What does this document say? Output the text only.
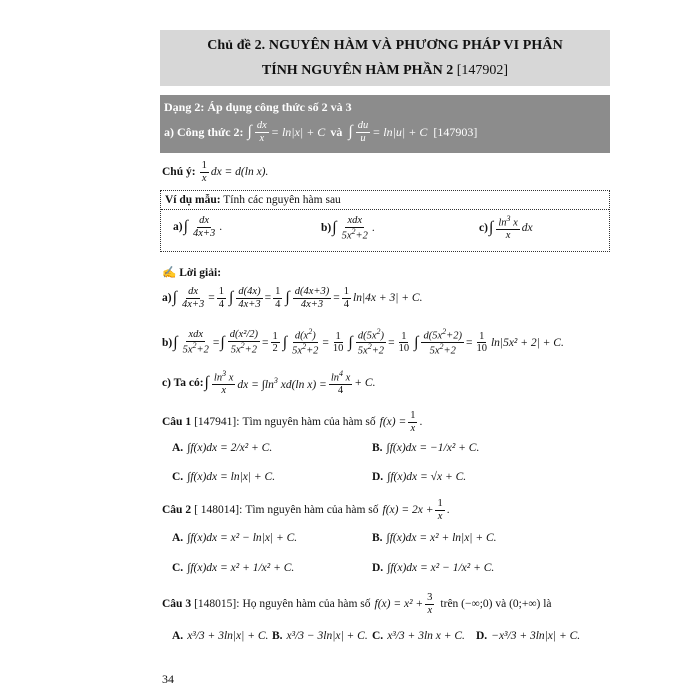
Chủ đề 2. NGUYÊN HÀM VÀ PHƯƠNG PHÁP VI PHÂN
TÍNH NGUYÊN HÀM PHẦN 2 [147902]
Dạng 2: Áp dụng công thức số 2 và 3
a) Công thức 2: ∫ $\frac{dx}{x} = \ln|x| + C$ và ∫ $\frac{du}{u} = \ln|u| + C$ [147903]
Chú ý: $\frac{1}{x}$ dx = d(ln x).
Ví dụ mẫu: Tính các nguyên hàm sau
a) ∫ $\frac{dx}{4x+3}$ .	b) ∫ $\frac{\text{xdx}}{5x^2+2}$ .	c) ∫ $\frac{\ln^3 x}{x}$ dx
✍ Lời giải:
a) ∫ $\frac{dx}{4x+3} = \frac{1}{4}$ ∫ $\frac{d(4x)}{4x+3} = \frac{1}{4}$ ∫ $\frac{d(4x+3)}{4x+3} = \frac{1}{4} \ln|4x + 3| + C$.
b) ∫ $\frac{\text{xdx}}{5x^2+2}$ = ∫ $\frac{\text{d(x²/2)}}{5x^2+2} = \frac{1}{2}$ ∫ $\frac{d(x^2)}{5x^2+2} = \frac{1}{10}$ ∫ $\frac{d(5x^2)}{5x^2+2} = \frac{1}{10}$ ∫ $\frac{d(5x^2+2)}{5x^2+2} = \frac{1}{10} \ln|5x^2 + 2| + C$.
c) Ta có: ∫ $\frac{\ln^3 x}{x}$ dx = $\int\ln^3$ xd(ln $x) = \frac{\ln^4 x}{4} + C$.
Câu 1 [147941]: Tìm nguyên hàm của hàm số $f(x) = \frac{1}{x}$ .
A. ∫f(x)dx = 2/x² + C.	B. ∫f(x)dx = −1/x² + C.
C. ∫f(x)dx = ln|x| + C.	D. ∫f(x)dx = √x + C.
Câu 2 [ 148014]: Tìm nguyên hàm của hàm số $f(x) = 2x + \frac{1}{x}$ .
A. ∫f(x)dx = x² − ln|x| + C.	B. ∫f(x)dx = x² + ln|x| + C.
C. ∫f(x)dx = x² + 1/x² + C.	D. ∫f(x)dx = x² − 1/x² + C.
Câu 3 [148015]: Họ nguyên hàm của hàm số $f(x) = x^2 + \frac{3}{x}$ trên (−∞;0) và (0;+∞) là
A. x³/3 + 3ln|x| + C. B. x³/3 − 3ln|x| + C. C. x³/3 + 3ln x + C. D. −x³/3 + 3ln|x| + C.
34
